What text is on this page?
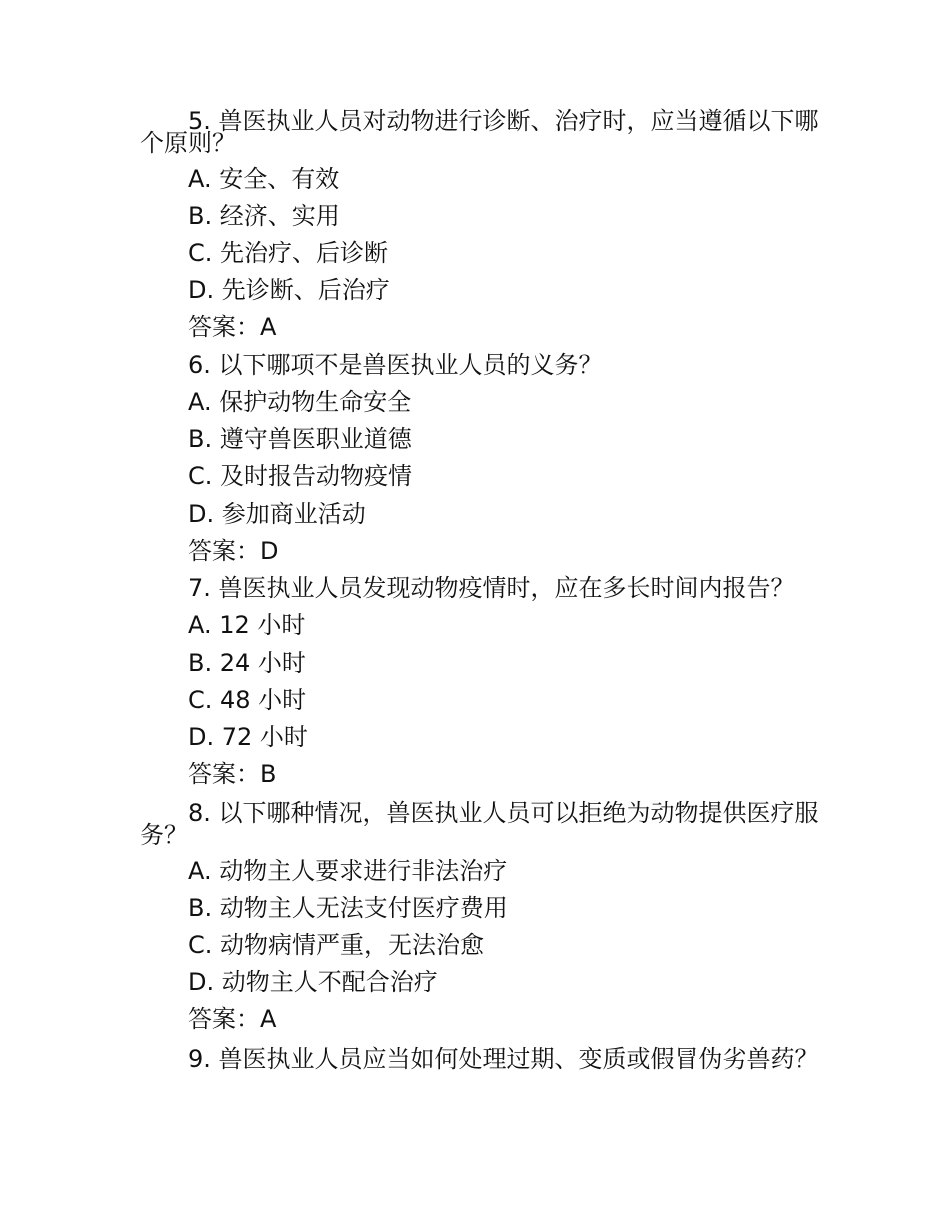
5. 兽医执业人员对动物进行诊断、治疗时，应当遵循以下哪个原则？

A. 安全、有效

B. 经济、实用

C. 先治疗、后诊断

D. 先诊断、后治疗

答案：A

6. 以下哪项不是兽医执业人员的义务？

A. 保护动物生命安全

B. 遵守兽医职业道德

C. 及时报告动物疫情

D. 参加商业活动

答案：D

7. 兽医执业人员发现动物疫情时，应在多长时间内报告？

A. 12 小时

B. 24 小时

C. 48 小时

D. 72 小时

答案：B

8. 以下哪种情况，兽医执业人员可以拒绝为动物提供医疗服务？

A. 动物主人要求进行非法治疗

B. 动物主人无法支付医疗费用

C. 动物病情严重，无法治愈

D. 动物主人不配合治疗

答案：A

9. 兽医执业人员应当如何处理过期、变质或假冒伪劣兽药？
